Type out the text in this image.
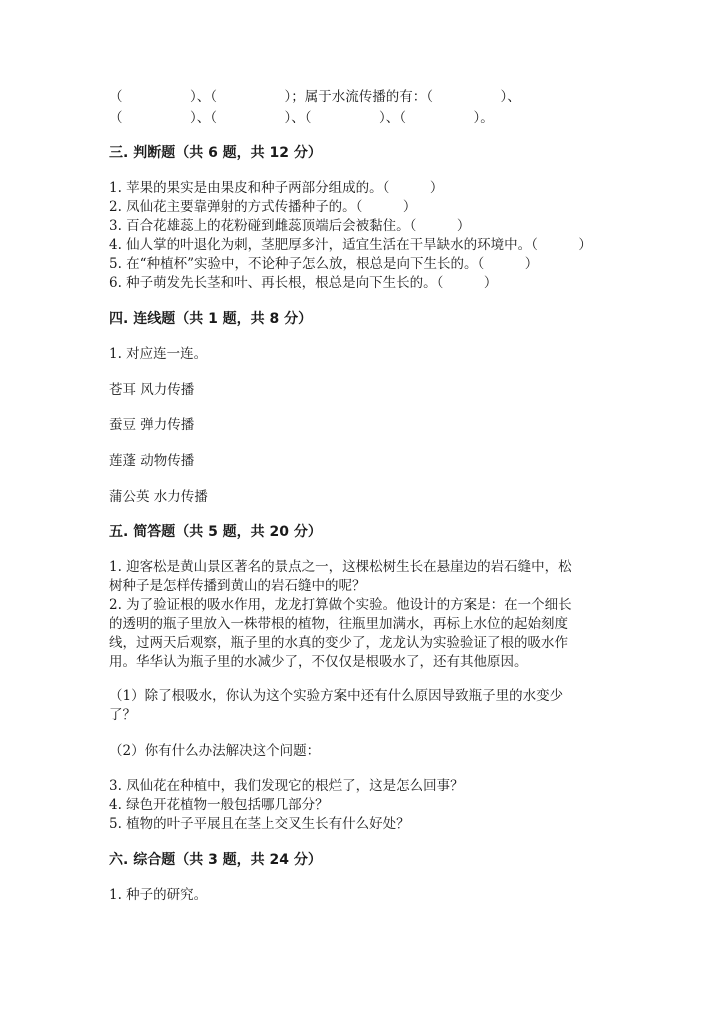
（　　　　　）、（　　　　　）；属于水流传播的有：（　　　　　）、
（　　　　　）、（　　　　　）、（　　　　　）、（　　　　　）。
三. 判断题（共 6 题，共 12 分）
1. 苹果的果实是由果皮和种子两部分组成的。（　　　）
2. 凤仙花主要靠弹射的方式传播种子的。（　　　）
3. 百合花雄蕊上的花粉碰到雌蕊顶端后会被黏住。（　　　）
4. 仙人掌的叶退化为刺，茎肥厚多汁，适宜生活在干旱缺水的环境中。（　　　）
5. 在“种植杯”实验中，不论种子怎么放，根总是向下生长的。（　　　）
6. 种子萌发先长茎和叶、再长根，根总是向下生长的。（　　　）
四. 连线题（共 1 题，共 8 分）
1. 对应连一连。
苍耳 风力传播
蚕豆 弹力传播
莲蓬 动物传播
蒲公英 水力传播
五. 简答题（共 5 题，共 20 分）
1. 迎客松是黄山景区著名的景点之一，这棵松树生长在悬崖边的岩石缝中，松
树种子是怎样传播到黄山的岩石缝中的呢？
2. 为了验证根的吸水作用，龙龙打算做个实验。他设计的方案是：在一个细长
的透明的瓶子里放入一株带根的植物，往瓶里加满水，再标上水位的起始刻度
线，过两天后观察，瓶子里的水真的变少了，龙龙认为实验验证了根的吸水作
用。华华认为瓶子里的水减少了，不仅仅是根吸水了，还有其他原因。
（1）除了根吸水，你认为这个实验方案中还有什么原因导致瓶子里的水变少
了？
（2）你有什么办法解决这个问题：
3. 凤仙花在种植中，我们发现它的根烂了，这是怎么回事？
4. 绿色开花植物一般包括哪几部分？
5. 植物的叶子平展且在茎上交叉生长有什么好处？
六. 综合题（共 3 题，共 24 分）
1. 种子的研究。
